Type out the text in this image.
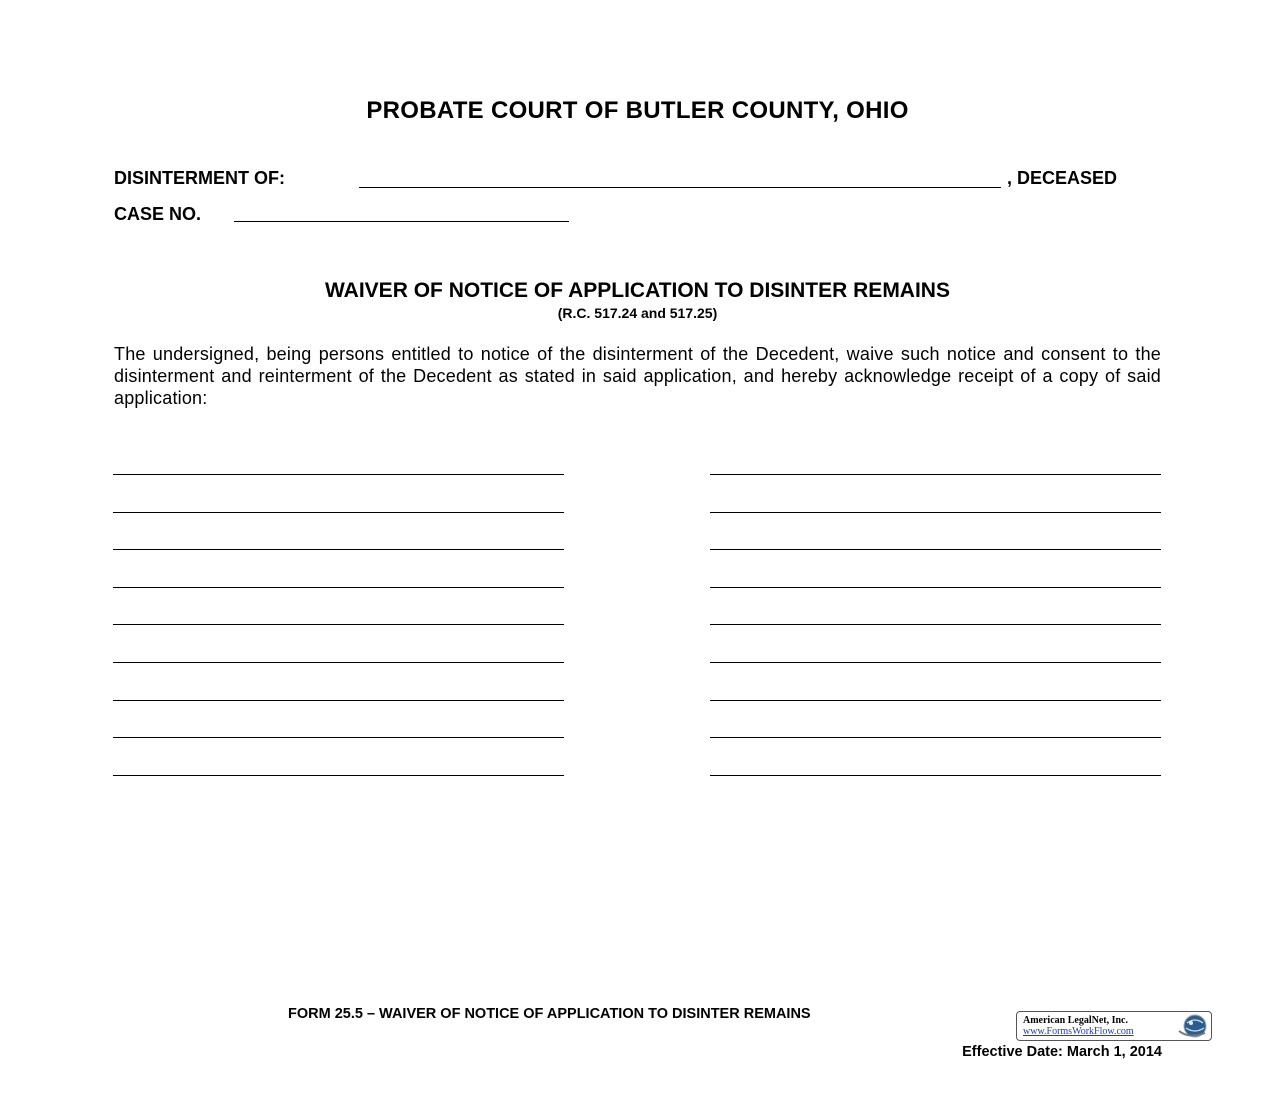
PROBATE COURT OF BUTLER COUNTY, OHIO
DISINTERMENT OF:	, DECEASED
CASE NO.
WAIVER OF NOTICE OF APPLICATION TO DISINTER REMAINS
(R.C. 517.24 and 517.25)
The undersigned, being persons entitled to notice of the disinterment of the Decedent, waive such notice and consent to the disinterment and reinterment of the Decedent as stated in said application, and hereby acknowledge receipt of a copy of said application:
FORM 25.5 – WAIVER OF NOTICE OF APPLICATION TO DISINTER REMAINS	American LegalNet, Inc.
www.FormsWorkFlow.com
Effective Date: March 1, 2014
